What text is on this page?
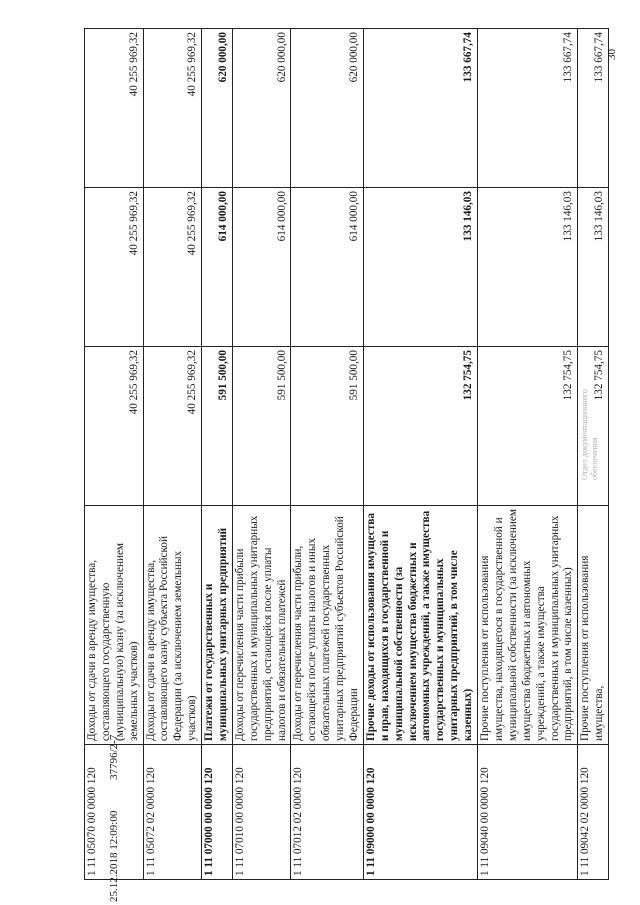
30
Отдел документационного обеспечения
1 11 05070 00 0000 120	Доходы от сдачи в аренду имущества, составляющего государственную (муниципальную) казну (за исключением земельных участков)	40 255 969,32	40 255 969,32	40 255 969,32
1 11 05072 02 0000 120	Доходы от сдачи в аренду имущества, составляющего казну субъекта Российской Федерации (за исключением земельных участков)	40 255 969,32	40 255 969,32	40 255 969,32
1 11 07000 00 0000 120	Платежи от государственных и муниципальных унитарных предприятий	591 500,00	614 000,00	620 000,00
1 11 07010 00 0000 120	Доходы от перечисления части прибыли государственных и муниципальных унитарных предприятий, остающейся после уплаты налогов и обязательных платежей	591 500,00	614 000,00	620 000,00
1 11 07012 02 0000 120	Доходы от перечисления части прибыли, остающейся после уплаты налогов и иных обязательных платежей государственных унитарных предприятий субъектов Российской Федерации	591 500,00	614 000,00	620 000,00
1 11 09000 00 0000 120	Прочие доходы от использования имущества и прав, находящихся в государственной и муниципальной собственности (за исключением имущества бюджетных и автономных учреждений, а также имущества государственных и муниципальных унитарных предприятий, в том числе казенных)	132 754,75	133 146,03	133 667,74
1 11 09040 00 0000 120	Прочие поступления от использования имущества, находящегося в государственной и муниципальной собственности (за исключением имущества бюджетных и автономных учреждений, а также имущества государственных и муниципальных унитарных предприятий, в том числе казенных)	132 754,75	133 146,03	133 667,74
1 11 09042 02 0000 120	Прочие поступления от использования имущества,	132 754,75	133 146,03	133 667,74
25.12.2018 12:09:00 37796/2-7
